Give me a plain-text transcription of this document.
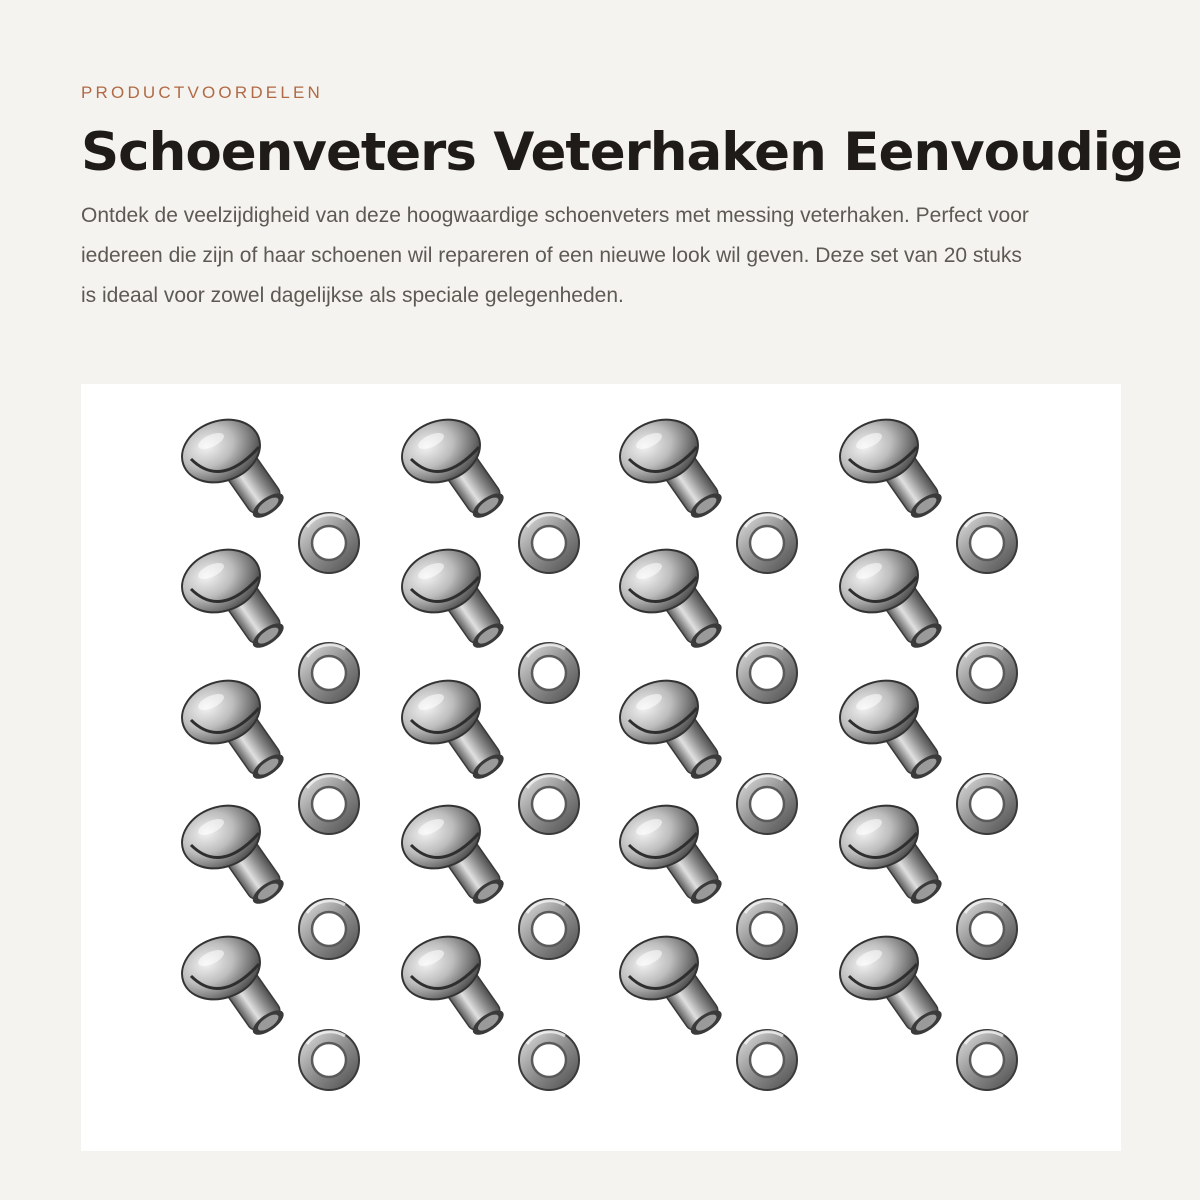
PRODUCTVOORDELEN
Schoenveters Veterhaken Eenvoudige

Ontdek de veelzijdigheid van deze hoogwaardige schoenveters met messing veterhaken. Perfect voor iedereen die zijn of haar schoenen wil repareren of een nieuwe look wil geven. Deze set van 20 stuks is ideaal voor zowel dagelijkse als speciale gelegenheden.
